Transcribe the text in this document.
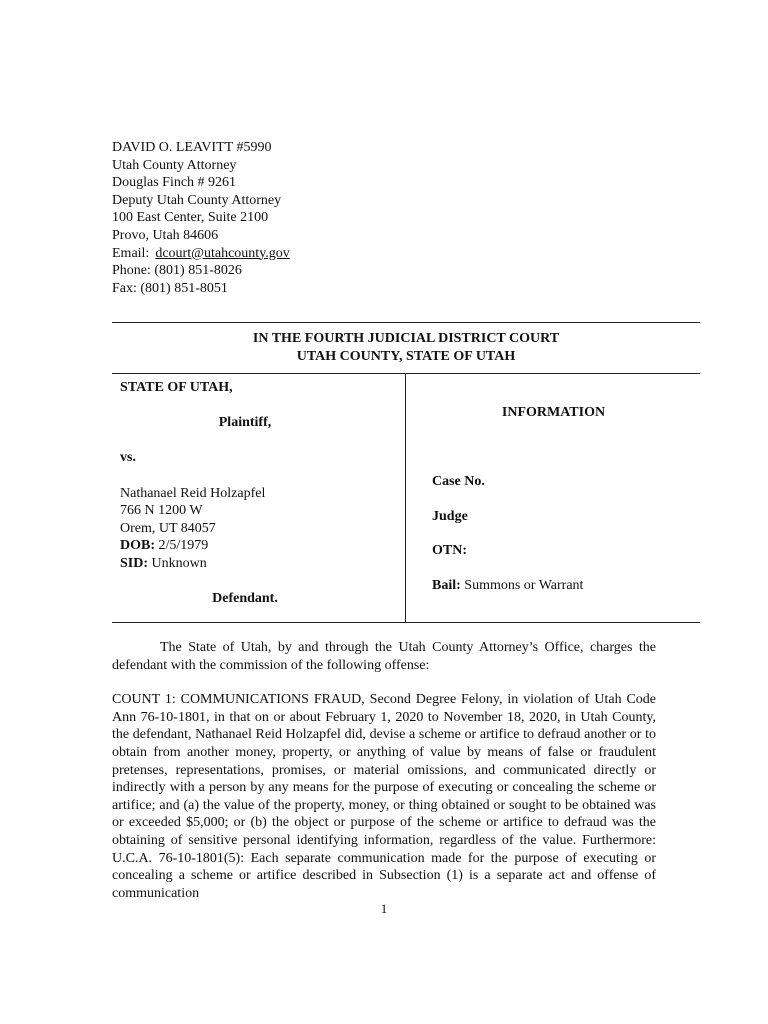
DAVID O. LEAVITT #5990
Utah County Attorney
Douglas Finch # 9261
Deputy Utah County Attorney
100 East Center, Suite 2100
Provo, Utah 84606
Email: dcourt@utahcounty.gov
Phone: (801) 851-8026
Fax: (801) 851-8051
IN THE FOURTH JUDICIAL DISTRICT COURT
UTAH COUNTY, STATE OF UTAH
STATE OF UTAH,
Plaintiff,
vs.
Nathanael Reid Holzapfel
766 N 1200 W
Orem, UT 84057
DOB: 2/5/1979
SID: Unknown
Defendant.
INFORMATION
Case No.
Judge
OTN:
Bail: Summons or Warrant

The State of Utah, by and through the Utah County Attorney’s Office, charges the defendant with the commission of the following offense:

COUNT 1: COMMUNICATIONS FRAUD, Second Degree Felony, in violation of Utah Code Ann 76-10-1801, in that on or about February 1, 2020 to November 18, 2020, in Utah County, the defendant, Nathanael Reid Holzapfel did, devise a scheme or artifice to defraud another or to obtain from another money, property, or anything of value by means of false or fraudulent pretenses, representations, promises, or material omissions, and communicated directly or indirectly with a person by any means for the purpose of executing or concealing the scheme or artifice; and (a) the value of the property, money, or thing obtained or sought to be obtained was or exceeded $5,000; or (b) the object or purpose of the scheme or artifice to defraud was the obtaining of sensitive personal identifying information, regardless of the value. Furthermore: U.C.A. 76-10-1801(5): Each separate communication made for the purpose of executing or concealing a scheme or artifice described in Subsection (1) is a separate act and offense of communication

1
